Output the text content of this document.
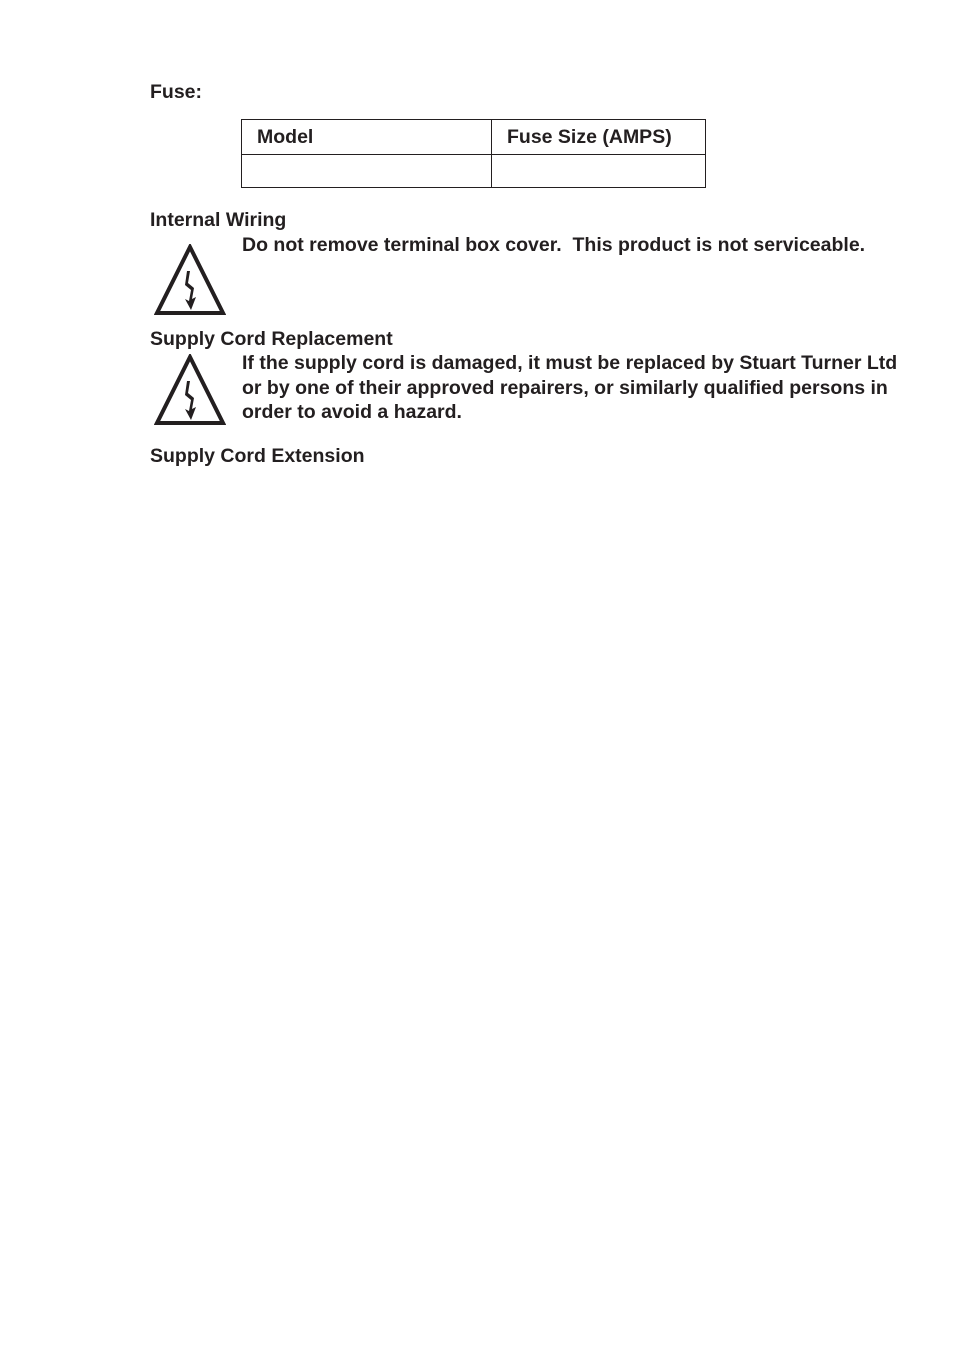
Fuse:
Model	Fuse Size (AMPS)

Internal Wiring

Do not remove terminal box cover.  This product is not serviceable.

Supply Cord Replacement

If the supply cord is damaged, it must be replaced by Stuart Turner Ltd or by one of their approved repairers, or similarly qualified persons in order to avoid a hazard.

Supply Cord Extension
